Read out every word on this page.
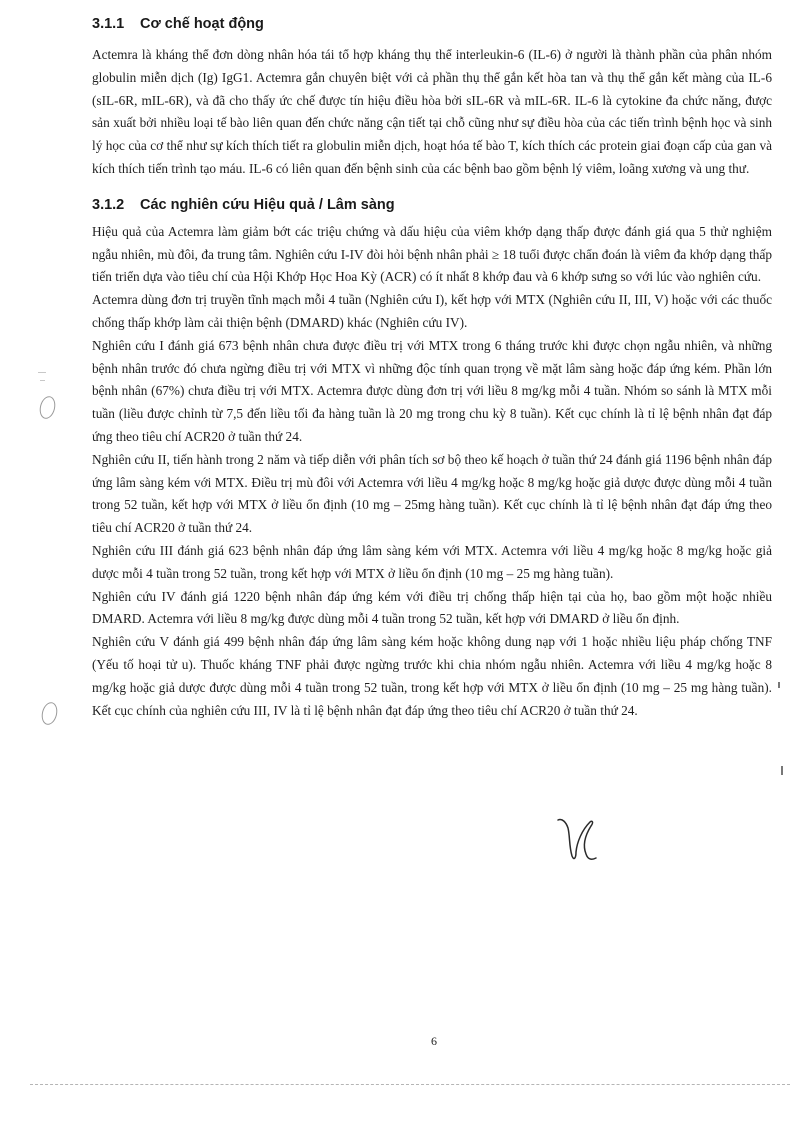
3.1.1	Cơ chế hoạt động

Actemra là kháng thể đơn dòng nhân hóa tái tổ hợp kháng thụ thể interleukin-6 (IL-6) ở người là thành phần của phân nhóm globulin miễn dịch (Ig) IgG1. Actemra gắn chuyên biệt với cả phần thụ thể gắn kết hòa tan và thụ thể gắn kết màng của IL-6 (sIL-6R, mIL-6R), và đã cho thấy ức chế được tín hiệu điều hòa bởi sIL-6R và mIL-6R. IL-6 là cytokine đa chức năng, được sản xuất bởi nhiều loại tế bào liên quan đến chức năng cận tiết tại chỗ cũng như sự điều hòa của các tiến trình bệnh học và sinh lý học của cơ thể như sự kích thích tiết ra globulin miễn dịch, hoạt hóa tế bào T, kích thích các protein giai đoạn cấp của gan và kích thích tiến trình tạo máu. IL-6 có liên quan đến bệnh sinh của các bệnh bao gồm bệnh lý viêm, loãng xương và ung thư.

3.1.2	Các nghiên cứu Hiệu quả / Lâm sàng

Hiệu quả của Actemra làm giảm bớt các triệu chứng và dấu hiệu của viêm khớp dạng thấp được đánh giá qua 5 thử nghiệm ngẫu nhiên, mù đôi, đa trung tâm. Nghiên cứu I-IV đòi hỏi bệnh nhân phải ≥ 18 tuổi được chẩn đoán là viêm đa khớp dạng thấp tiến triển dựa vào tiêu chí của Hội Khớp Học Hoa Kỳ (ACR) có ít nhất 8 khớp đau và 6 khớp sưng so với lúc vào nghiên cứu.

Actemra dùng đơn trị truyền tĩnh mạch mỗi 4 tuần (Nghiên cứu I), kết hợp với MTX (Nghiên cứu II, III, V) hoặc với các thuốc chống thấp khớp làm cải thiện bệnh (DMARD) khác (Nghiên cứu IV).

Nghiên cứu I đánh giá 673 bệnh nhân chưa được điều trị với MTX trong 6 tháng trước khi được chọn ngẫu nhiên, và những bệnh nhân trước đó chưa ngừng điều trị với MTX vì những độc tính quan trọng về mặt lâm sàng hoặc đáp ứng kém. Phần lớn bệnh nhân (67%) chưa điều trị với MTX. Actemra được dùng đơn trị với liều 8 mg/kg mỗi 4 tuần. Nhóm so sánh là MTX mỗi tuần (liều được chỉnh từ 7,5 đến liều tối đa hàng tuần là 20 mg trong chu kỳ 8 tuần). Kết cục chính là tỉ lệ bệnh nhân đạt đáp ứng theo tiêu chí ACR20 ở tuần thứ 24.

Nghiên cứu II, tiến hành trong 2 năm và tiếp diễn với phân tích sơ bộ theo kế hoạch ở tuần thứ 24 đánh giá 1196 bệnh nhân đáp ứng lâm sàng kém với MTX. Điều trị mù đôi với Actemra với liều 4 mg/kg hoặc 8 mg/kg hoặc giả dược được dùng mỗi 4 tuần trong 52 tuần, kết hợp với MTX ở liều ổn định (10 mg – 25mg hàng tuần). Kết cục chính là tỉ lệ bệnh nhân đạt đáp ứng theo tiêu chí ACR20 ở tuần thứ 24.

Nghiên cứu III đánh giá 623 bệnh nhân đáp ứng lâm sàng kém với MTX. Actemra với liều 4 mg/kg hoặc 8 mg/kg hoặc giả dược mỗi 4 tuần trong 52 tuần, trong kết hợp với MTX ở liều ổn định (10 mg – 25 mg hàng tuần).

Nghiên cứu IV đánh giá 1220 bệnh nhân đáp ứng kém với điều trị chống thấp hiện tại của họ, bao gồm một hoặc nhiều DMARD. Actemra với liều 8 mg/kg được dùng mỗi 4 tuần trong 52 tuần, kết hợp với DMARD ở liều ổn định.

Nghiên cứu V đánh giá 499 bệnh nhân đáp ứng lâm sàng kém hoặc không dung nạp với 1 hoặc nhiều liệu pháp chống TNF (Yếu tố hoại tử u). Thuốc kháng TNF phải được ngừng trước khi chia nhóm ngẫu nhiên. Actemra với liều 4 mg/kg hoặc 8 mg/kg hoặc giả dược được dùng mỗi 4 tuần trong 52 tuần, trong kết hợp với MTX ở liều ổn định (10 mg – 25 mg hàng tuần). Kết cục chính của nghiên cứu III, IV là tỉ lệ bệnh nhân đạt đáp ứng theo tiêu chí ACR20 ở tuần thứ 24.

6
